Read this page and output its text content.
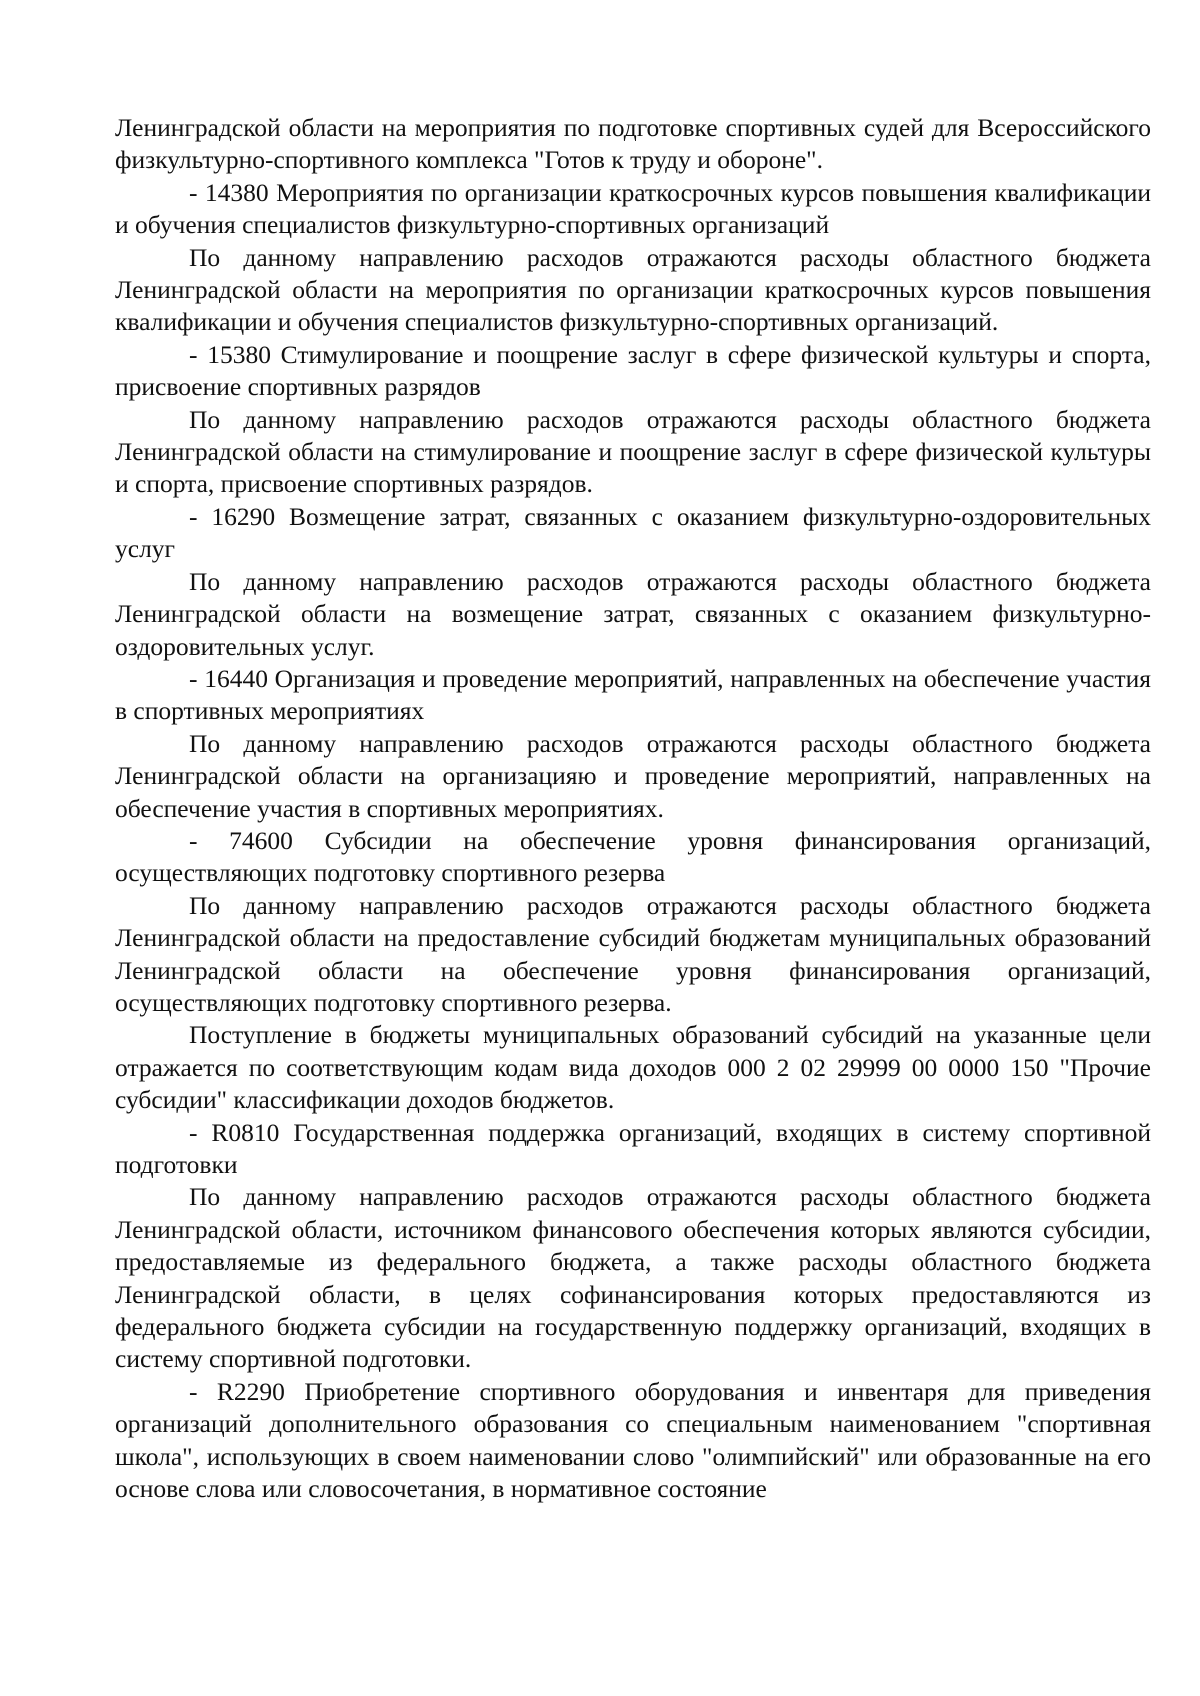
Ленинградской области на мероприятия по подготовке спортивных судей для Всероссийского физкультурно-спортивного комплекса "Готов к труду и обороне".

- 14380 Мероприятия по организации краткосрочных курсов повышения квалификации и обучения специалистов физкультурно-спортивных организаций

По данному направлению расходов отражаются расходы областного бюджета Ленинградской области на мероприятия по организации краткосрочных курсов повышения квалификации и обучения специалистов физкультурно-спортивных организаций.

- 15380 Стимулирование и поощрение заслуг в сфере физической культуры и спорта, присвоение спортивных разрядов

По данному направлению расходов отражаются расходы областного бюджета Ленинградской области на стимулирование и поощрение заслуг в сфере физической культуры и спорта, присвоение спортивных разрядов.

- 16290 Возмещение затрат, связанных с оказанием физкультурно-оздоровительных услуг

По данному направлению расходов отражаются расходы областного бюджета Ленинградской области на возмещение затрат, связанных с оказанием физкультурно-оздоровительных услуг.

- 16440 Организация и проведение мероприятий, направленных на обеспечение участия в спортивных мероприятиях

По данному направлению расходов отражаются расходы областного бюджета Ленинградской области на организацияю и проведение мероприятий, направленных на обеспечение участия в спортивных мероприятиях.

- 74600 Субсидии на обеспечение уровня финансирования организаций, осуществляющих подготовку спортивного резерва

По данному направлению расходов отражаются расходы областного бюджета Ленинградской области на предоставление субсидий бюджетам муниципальных образований Ленинградской области на обеспечение уровня финансирования организаций, осуществляющих подготовку спортивного резерва.

Поступление в бюджеты муниципальных образований субсидий на указанные цели отражается по соответствующим кодам вида доходов 000 2 02 29999 00 0000 150 "Прочие субсидии" классификации доходов бюджетов.

- R0810 Государственная поддержка организаций, входящих в систему спортивной подготовки

По данному направлению расходов отражаются расходы областного бюджета Ленинградской области, источником финансового обеспечения которых являются субсидии, предоставляемые из федерального бюджета, а также расходы областного бюджета Ленинградской области, в целях софинансирования которых предоставляются из федерального бюджета субсидии на государственную поддержку организаций, входящих в систему спортивной подготовки.

- R2290 Приобретение спортивного оборудования и инвентаря для приведения организаций дополнительного образования со специальным наименованием "спортивная школа", использующих в своем наименовании слово "олимпийский" или образованные на его основе слова или словосочетания, в нормативное состояние
